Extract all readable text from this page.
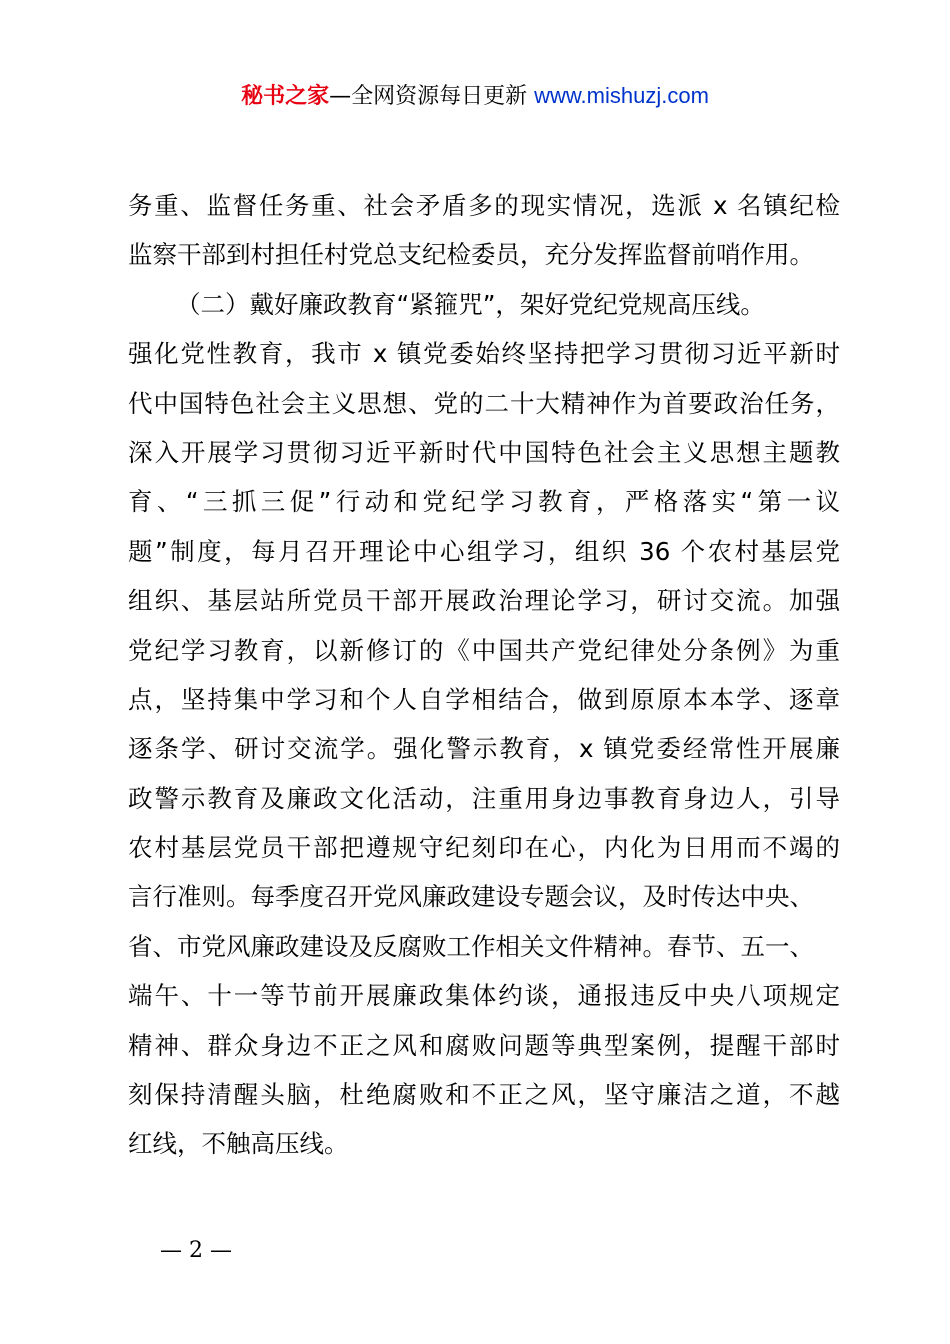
秘书之家—全网资源每日更新 www.mishuzj.com
务重、监督任务重、社会矛盾多的现实情况，选派 x 名镇纪检
监察干部到村担任村党总支纪检委员，充分发挥监督前哨作用。
（二）戴好廉政教育“紧箍咒”，架好党纪党规高压线。
强化党性教育，我市 x 镇党委始终坚持把学习贯彻习近平新时
代中国特色社会主义思想、党的二十大精神作为首要政治任务，
深入开展学习贯彻习近平新时代中国特色社会主义思想主题教
育、“三抓三促”行动和党纪学习教育，严格落实“第一议
题”制度，每月召开理论中心组学习，组织 36 个农村基层党
组织、基层站所党员干部开展政治理论学习，研讨交流。加强
党纪学习教育，以新修订的《中国共产党纪律处分条例》为重
点，坚持集中学习和个人自学相结合，做到原原本本学、逐章
逐条学、研讨交流学。强化警示教育，x 镇党委经常性开展廉
政警示教育及廉政文化活动，注重用身边事教育身边人，引导
农村基层党员干部把遵规守纪刻印在心，内化为日用而不竭的
言行准则。每季度召开党风廉政建设专题会议，及时传达中央、
省、市党风廉政建设及反腐败工作相关文件精神。春节、五一、
端午、十一等节前开展廉政集体约谈，通报违反中央八项规定
精神、群众身边不正之风和腐败问题等典型案例，提醒干部时
刻保持清醒头脑，杜绝腐败和不正之风，坚守廉洁之道，不越
红线，不触高压线。
— 2 —
